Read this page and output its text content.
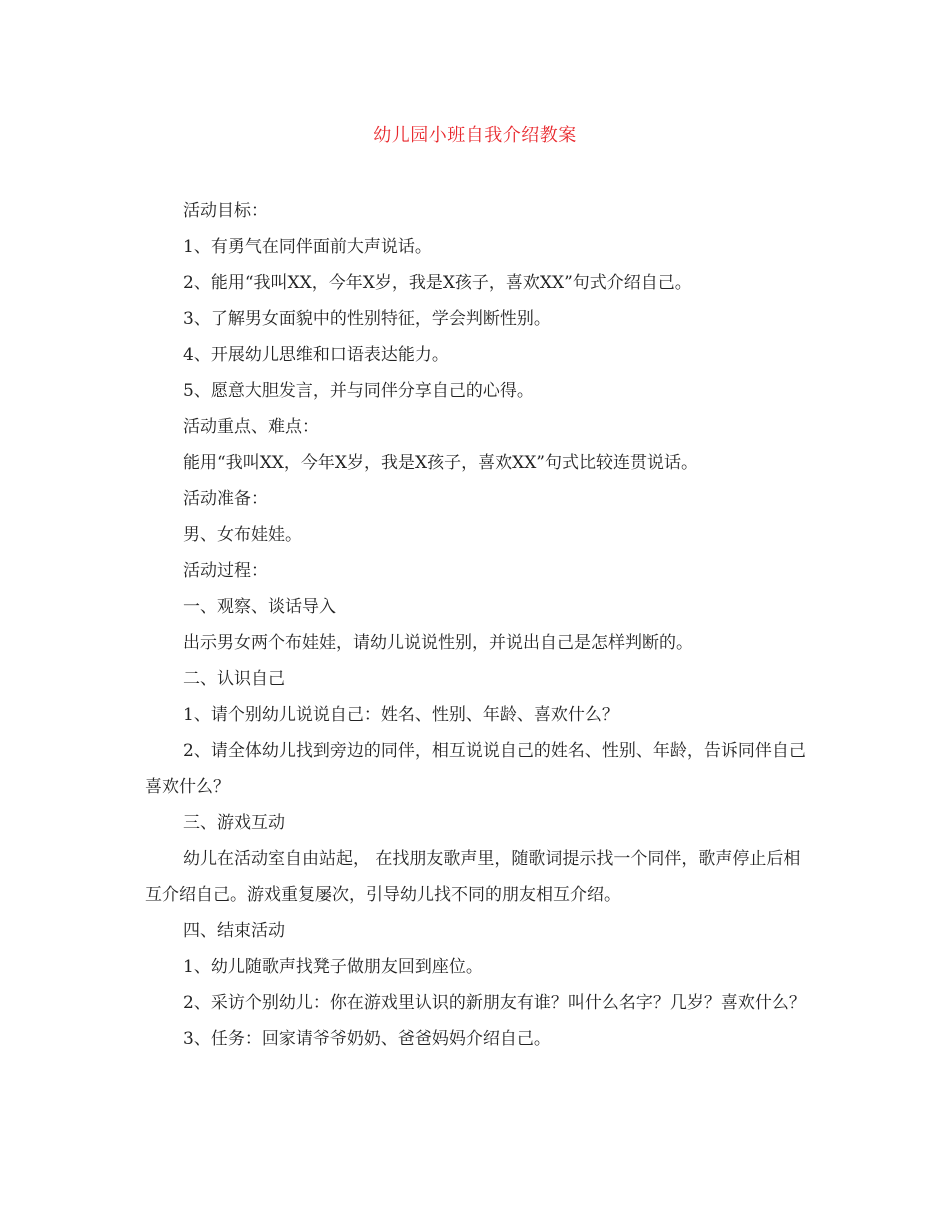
幼儿园小班自我介绍教案

活动目标：

1、有勇气在同伴面前大声说话。

2、能用“我叫XX，今年X岁，我是X孩子，喜欢XX”句式介绍自己。

3、了解男女面貌中的性别特征，学会判断性别。

4、开展幼儿思维和口语表达能力。

5、愿意大胆发言，并与同伴分享自己的心得。

活动重点、难点：

能用“我叫XX，今年X岁，我是X孩子，喜欢XX”句式比较连贯说话。

活动准备：

男、女布娃娃。

活动过程：

一、观察、谈话导入

出示男女两个布娃娃，请幼儿说说性别，并说出自己是怎样判断的。

二、认识自己

1、请个别幼儿说说自己：姓名、性别、年龄、喜欢什么？

2、请全体幼儿找到旁边的同伴，相互说说自己的姓名、性别、年龄，告诉同伴自己喜欢什么？

三、游戏互动

幼儿在活动室自由站起， 在找朋友歌声里，随歌词提示找一个同伴，歌声停止后相互介绍自己。游戏重复屡次，引导幼儿找不同的朋友相互介绍。

四、结束活动

1、幼儿随歌声找凳子做朋友回到座位。

2、采访个别幼儿：你在游戏里认识的新朋友有谁？叫什么名字？几岁？喜欢什么？

3、任务：回家请爷爷奶奶、爸爸妈妈介绍自己。
